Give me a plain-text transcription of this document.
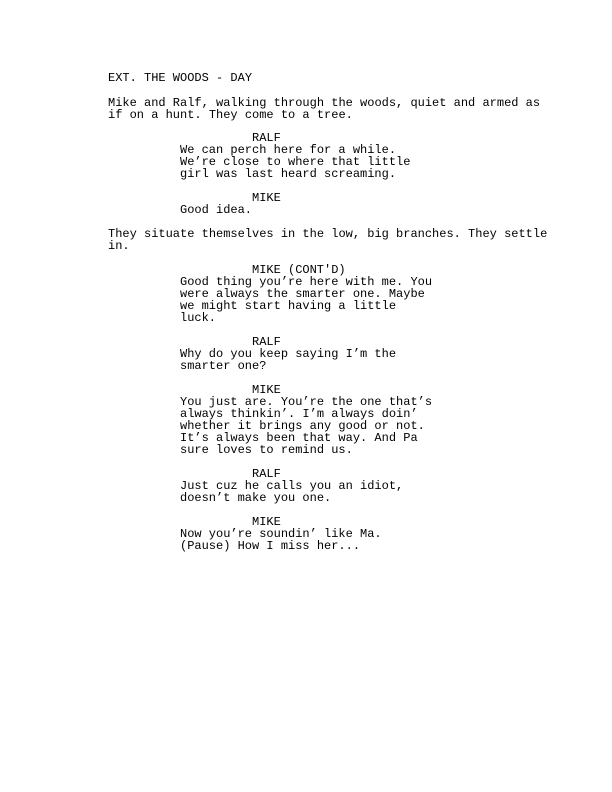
EXT. THE WOODS - DAY
Mike and Ralf, walking through the woods, quiet and armed as
if on a hunt. They come to a tree.
RALF
We can perch here for a while.
We’re close to where that little
girl was last heard screaming.
MIKE
Good idea.
They situate themselves in the low, big branches. They settle
in.
MIKE (CONT'D)
Good thing you’re here with me. You
were always the smarter one. Maybe
we might start having a little
luck.
RALF
Why do you keep saying I’m the
smarter one?
MIKE
You just are. You’re the one that’s
always thinkin’. I’m always doin’
whether it brings any good or not.
It’s always been that way. And Pa
sure loves to remind us.
RALF
Just cuz he calls you an idiot,
doesn’t make you one.
MIKE
Now you’re soundin’ like Ma.
(Pause) How I miss her...
